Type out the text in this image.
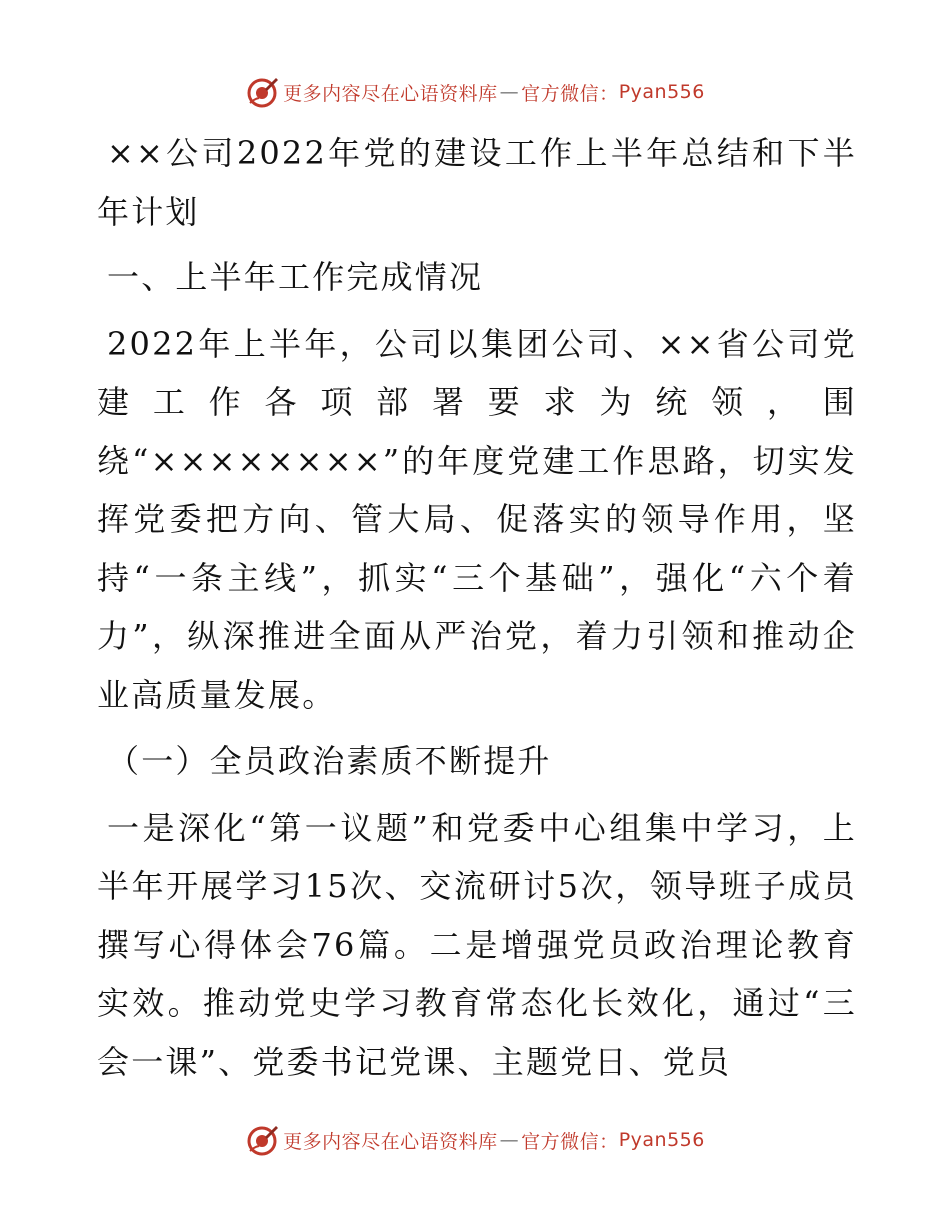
更多内容尽在心语资料库 — 官方微信： Pyan556

××公司2022年党的建设工作上半年总结和下半年计划

一、上半年工作完成情况

2022年上半年，公司以集团公司、××省公司党建工作各项部署要求为统领，围绕“××××××××”的年度党建工作思路，切实发挥党委把方向、管大局、促落实的领导作用，坚持“一条主线”，抓实“三个基础”，强化“六个着力”，纵深推进全面从严治党，着力引领和推动企业高质量发展。

（一）全员政治素质不断提升

一是深化“第一议题”和党委中心组集中学习，上半年开展学习15次、交流研讨5次，领导班子成员撰写心得体会76篇。二是增强党员政治理论教育实效。推动党史学习教育常态化长效化，通过“三会一课”、党委书记党课、主题党日、党员

更多内容尽在心语资料库 — 官方微信： Pyan556
